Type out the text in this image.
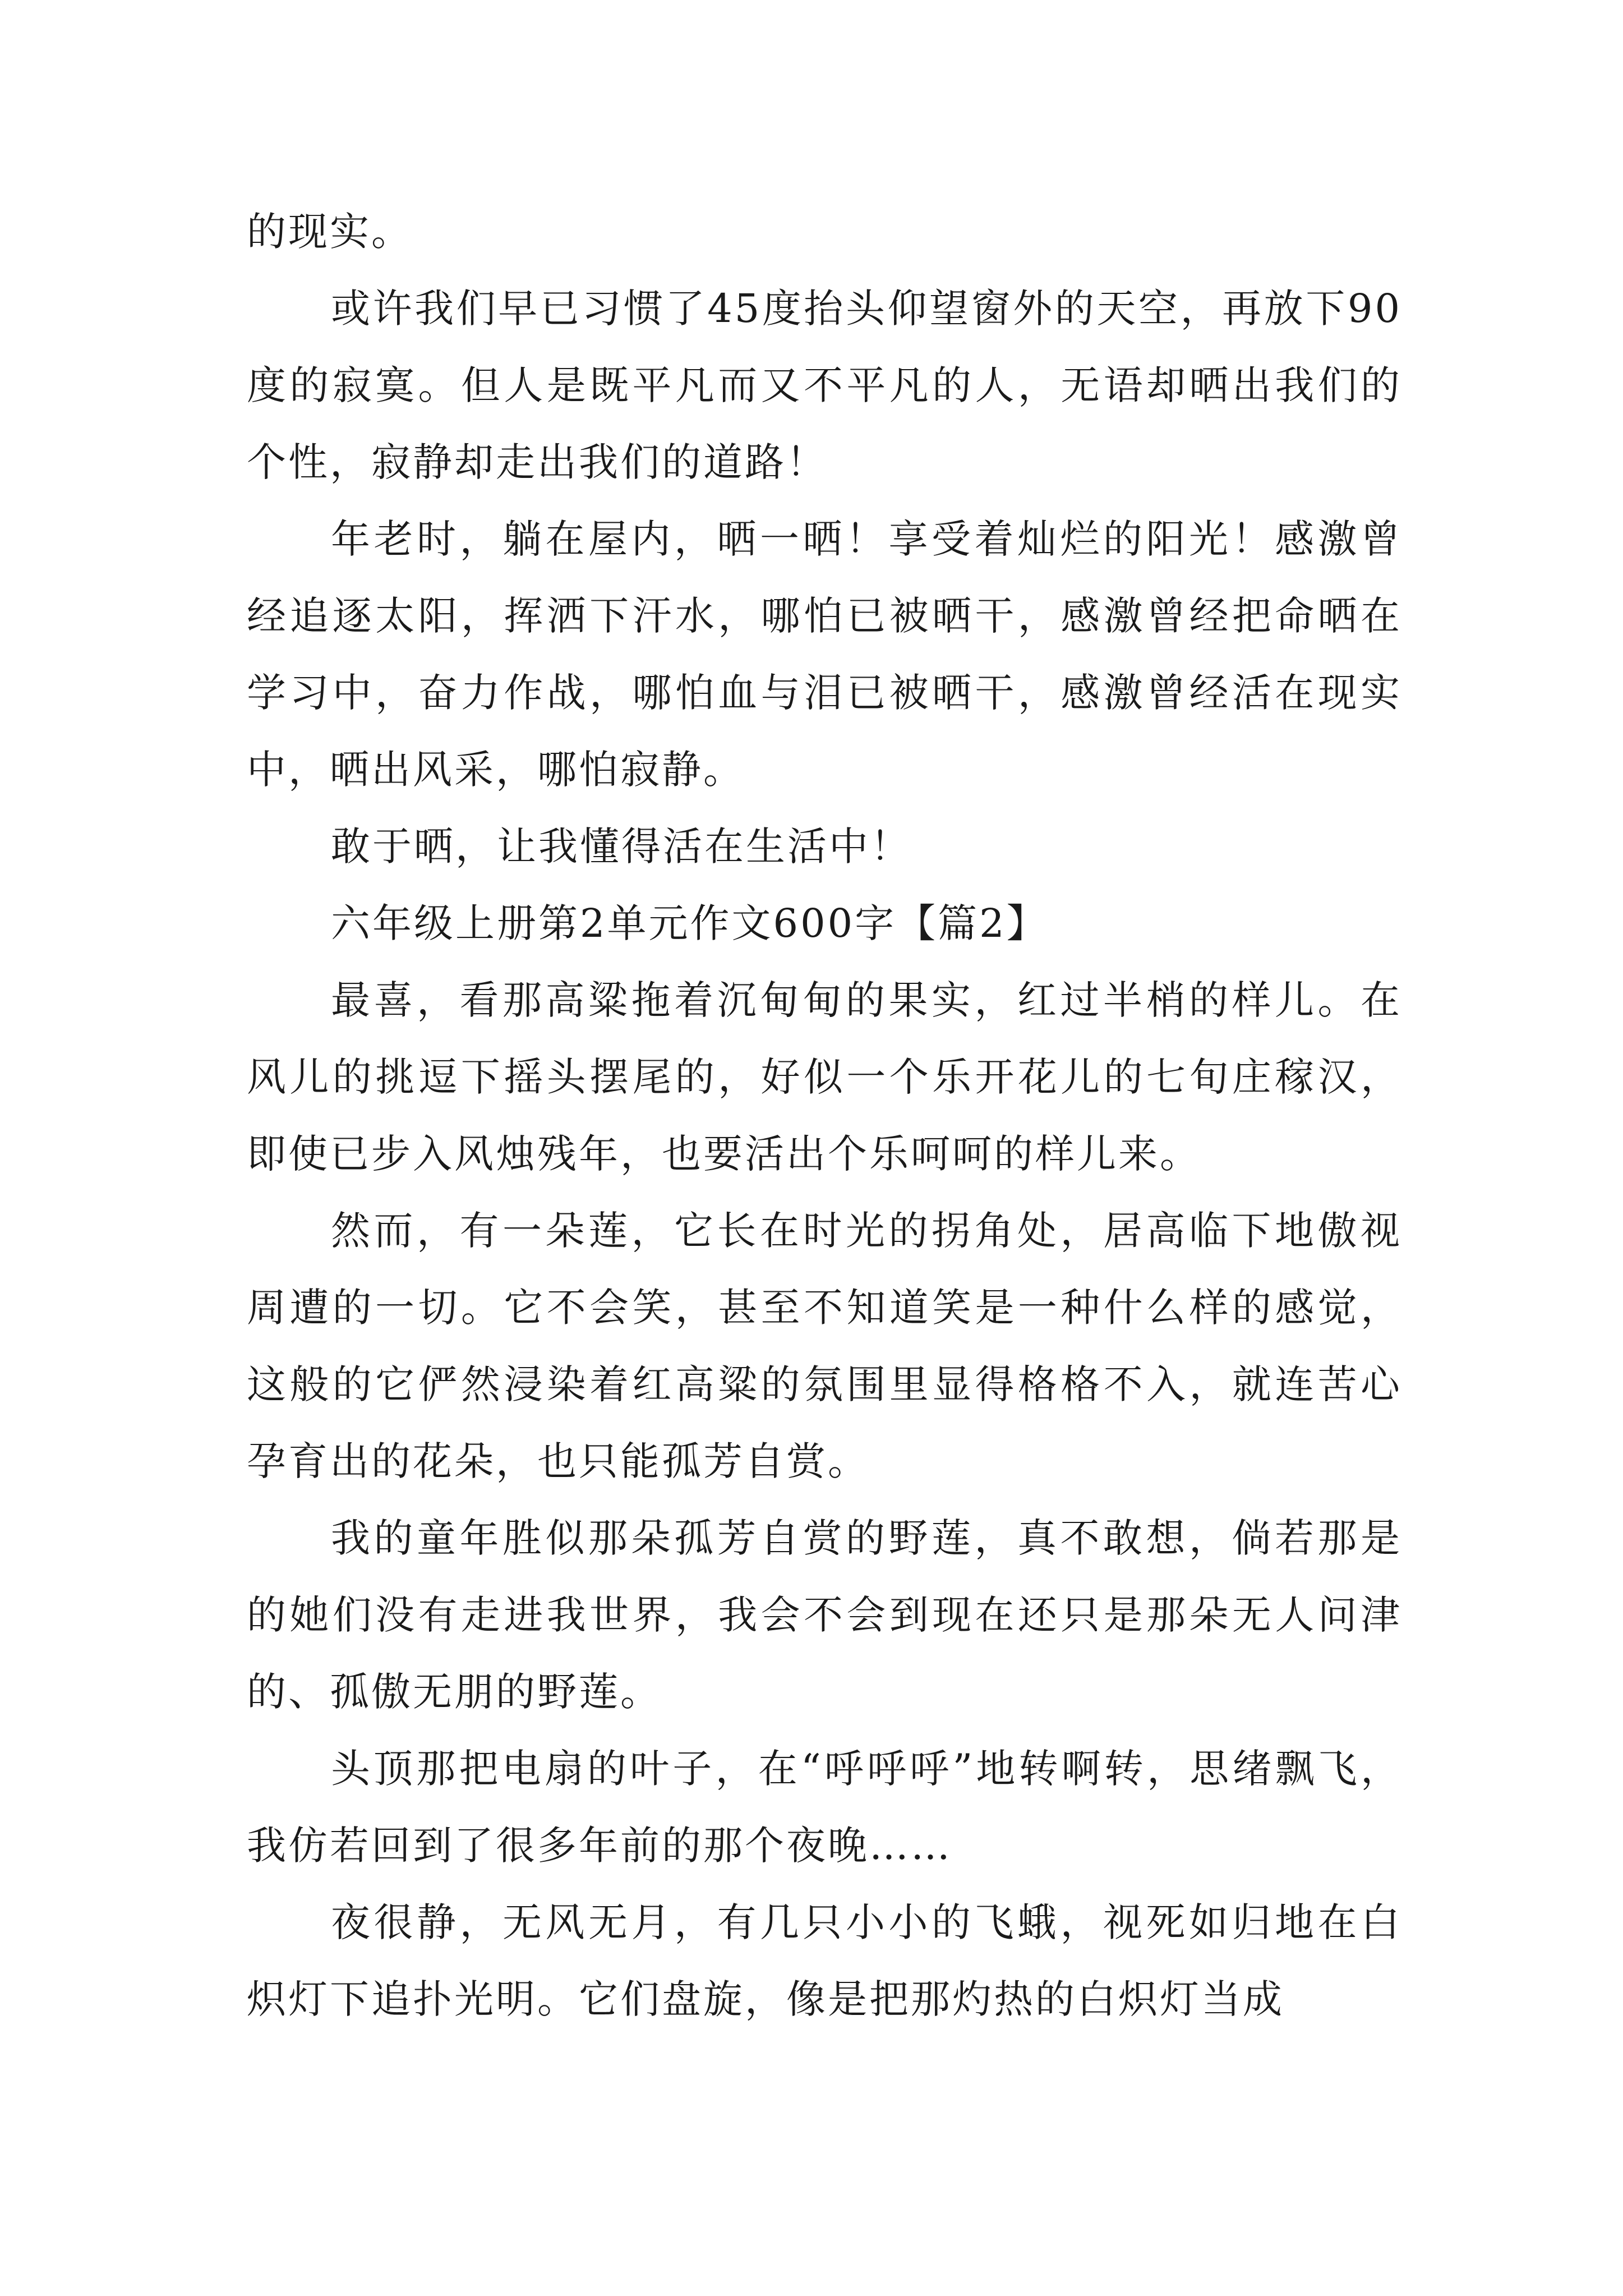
的现实。

或许我们早已习惯了45度抬头仰望窗外的天空，再放下90度的寂寞。但人是既平凡而又不平凡的人，无语却晒出我们的个性，寂静却走出我们的道路！

年老时，躺在屋内，晒一晒！享受着灿烂的阳光！感激曾经追逐太阳，挥洒下汗水，哪怕已被晒干，感激曾经把命晒在学习中，奋力作战，哪怕血与泪已被晒干，感激曾经活在现实中，晒出风采，哪怕寂静。

敢于晒，让我懂得活在生活中！

六年级上册第2单元作文600字【篇2】

最喜，看那高粱拖着沉甸甸的果实，红过半梢的样儿。在风儿的挑逗下摇头摆尾的，好似一个乐开花儿的七旬庄稼汉，即使已步入风烛残年，也要活出个乐呵呵的样儿来。

然而，有一朵莲，它长在时光的拐角处，居高临下地傲视周遭的一切。它不会笑，甚至不知道笑是一种什么样的感觉，这般的它俨然浸染着红高粱的氛围里显得格格不入，就连苦心孕育出的花朵，也只能孤芳自赏。

我的童年胜似那朵孤芳自赏的野莲，真不敢想，倘若那是的她们没有走进我世界，我会不会到现在还只是那朵无人问津的、孤傲无朋的野莲。

头顶那把电扇的叶子，在“呼呼呼”地转啊转，思绪飘飞，我仿若回到了很多年前的那个夜晚……

夜很静，无风无月，有几只小小的飞蛾，视死如归地在白炽灯下追扑光明。它们盘旋，像是把那灼热的白炽灯当成
